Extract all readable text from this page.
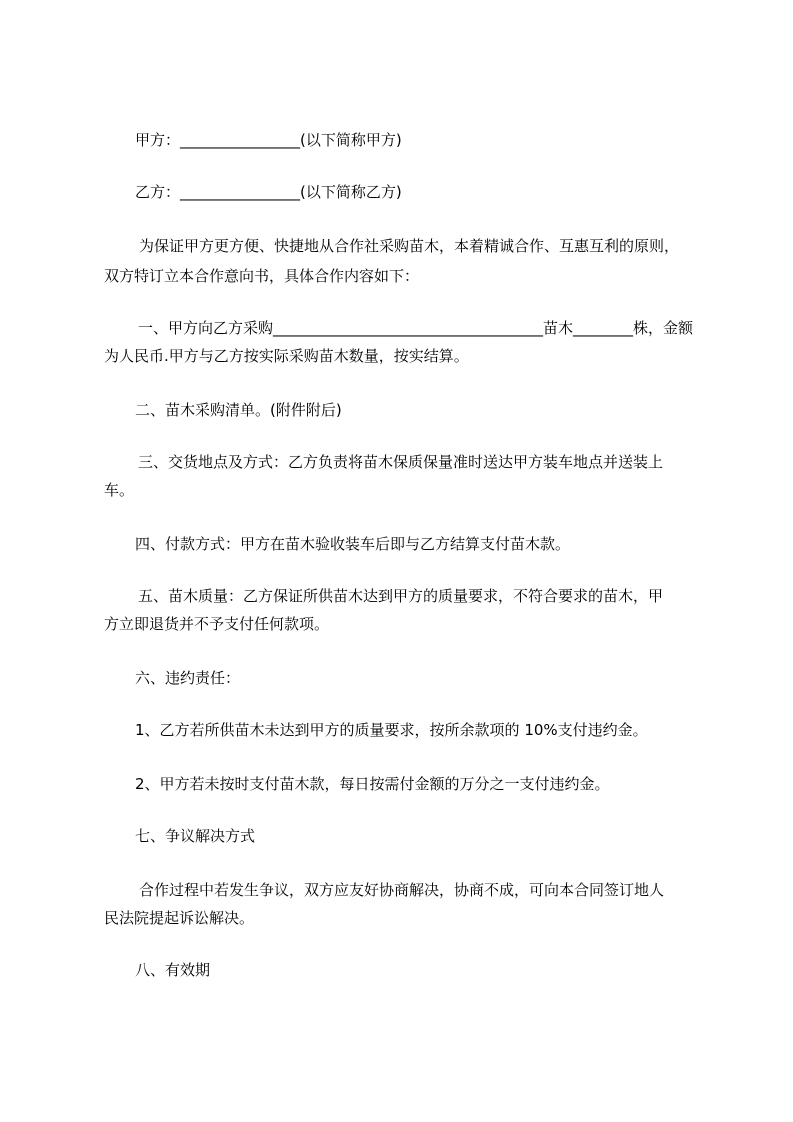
甲方：________________(以下简称甲方)
乙方：________________(以下简称乙方)
为保证甲方更方便、快捷地从合作社采购苗木，本着精诚合作、互惠互利的原则，
双方特订立本合作意向书，具体合作内容如下：
一、甲方向乙方采购____________________________________苗木________株，金额
为人民币.甲方与乙方按实际采购苗木数量，按实结算。
二、苗木采购清单。(附件附后)
三、交货地点及方式：乙方负责将苗木保质保量准时送达甲方装车地点并送装上
车。
四、付款方式：甲方在苗木验收装车后即与乙方结算支付苗木款。
五、苗木质量：乙方保证所供苗木达到甲方的质量要求，不符合要求的苗木，甲
方立即退货并不予支付任何款项。
六、违约责任：
1、乙方若所供苗木未达到甲方的质量要求，按所余款项的 10%支付违约金。
2、甲方若未按时支付苗木款，每日按需付金额的万分之一支付违约金。
七、争议解决方式
合作过程中若发生争议，双方应友好协商解决，协商不成，可向本合同签订地人
民法院提起诉讼解决。
八、有效期
